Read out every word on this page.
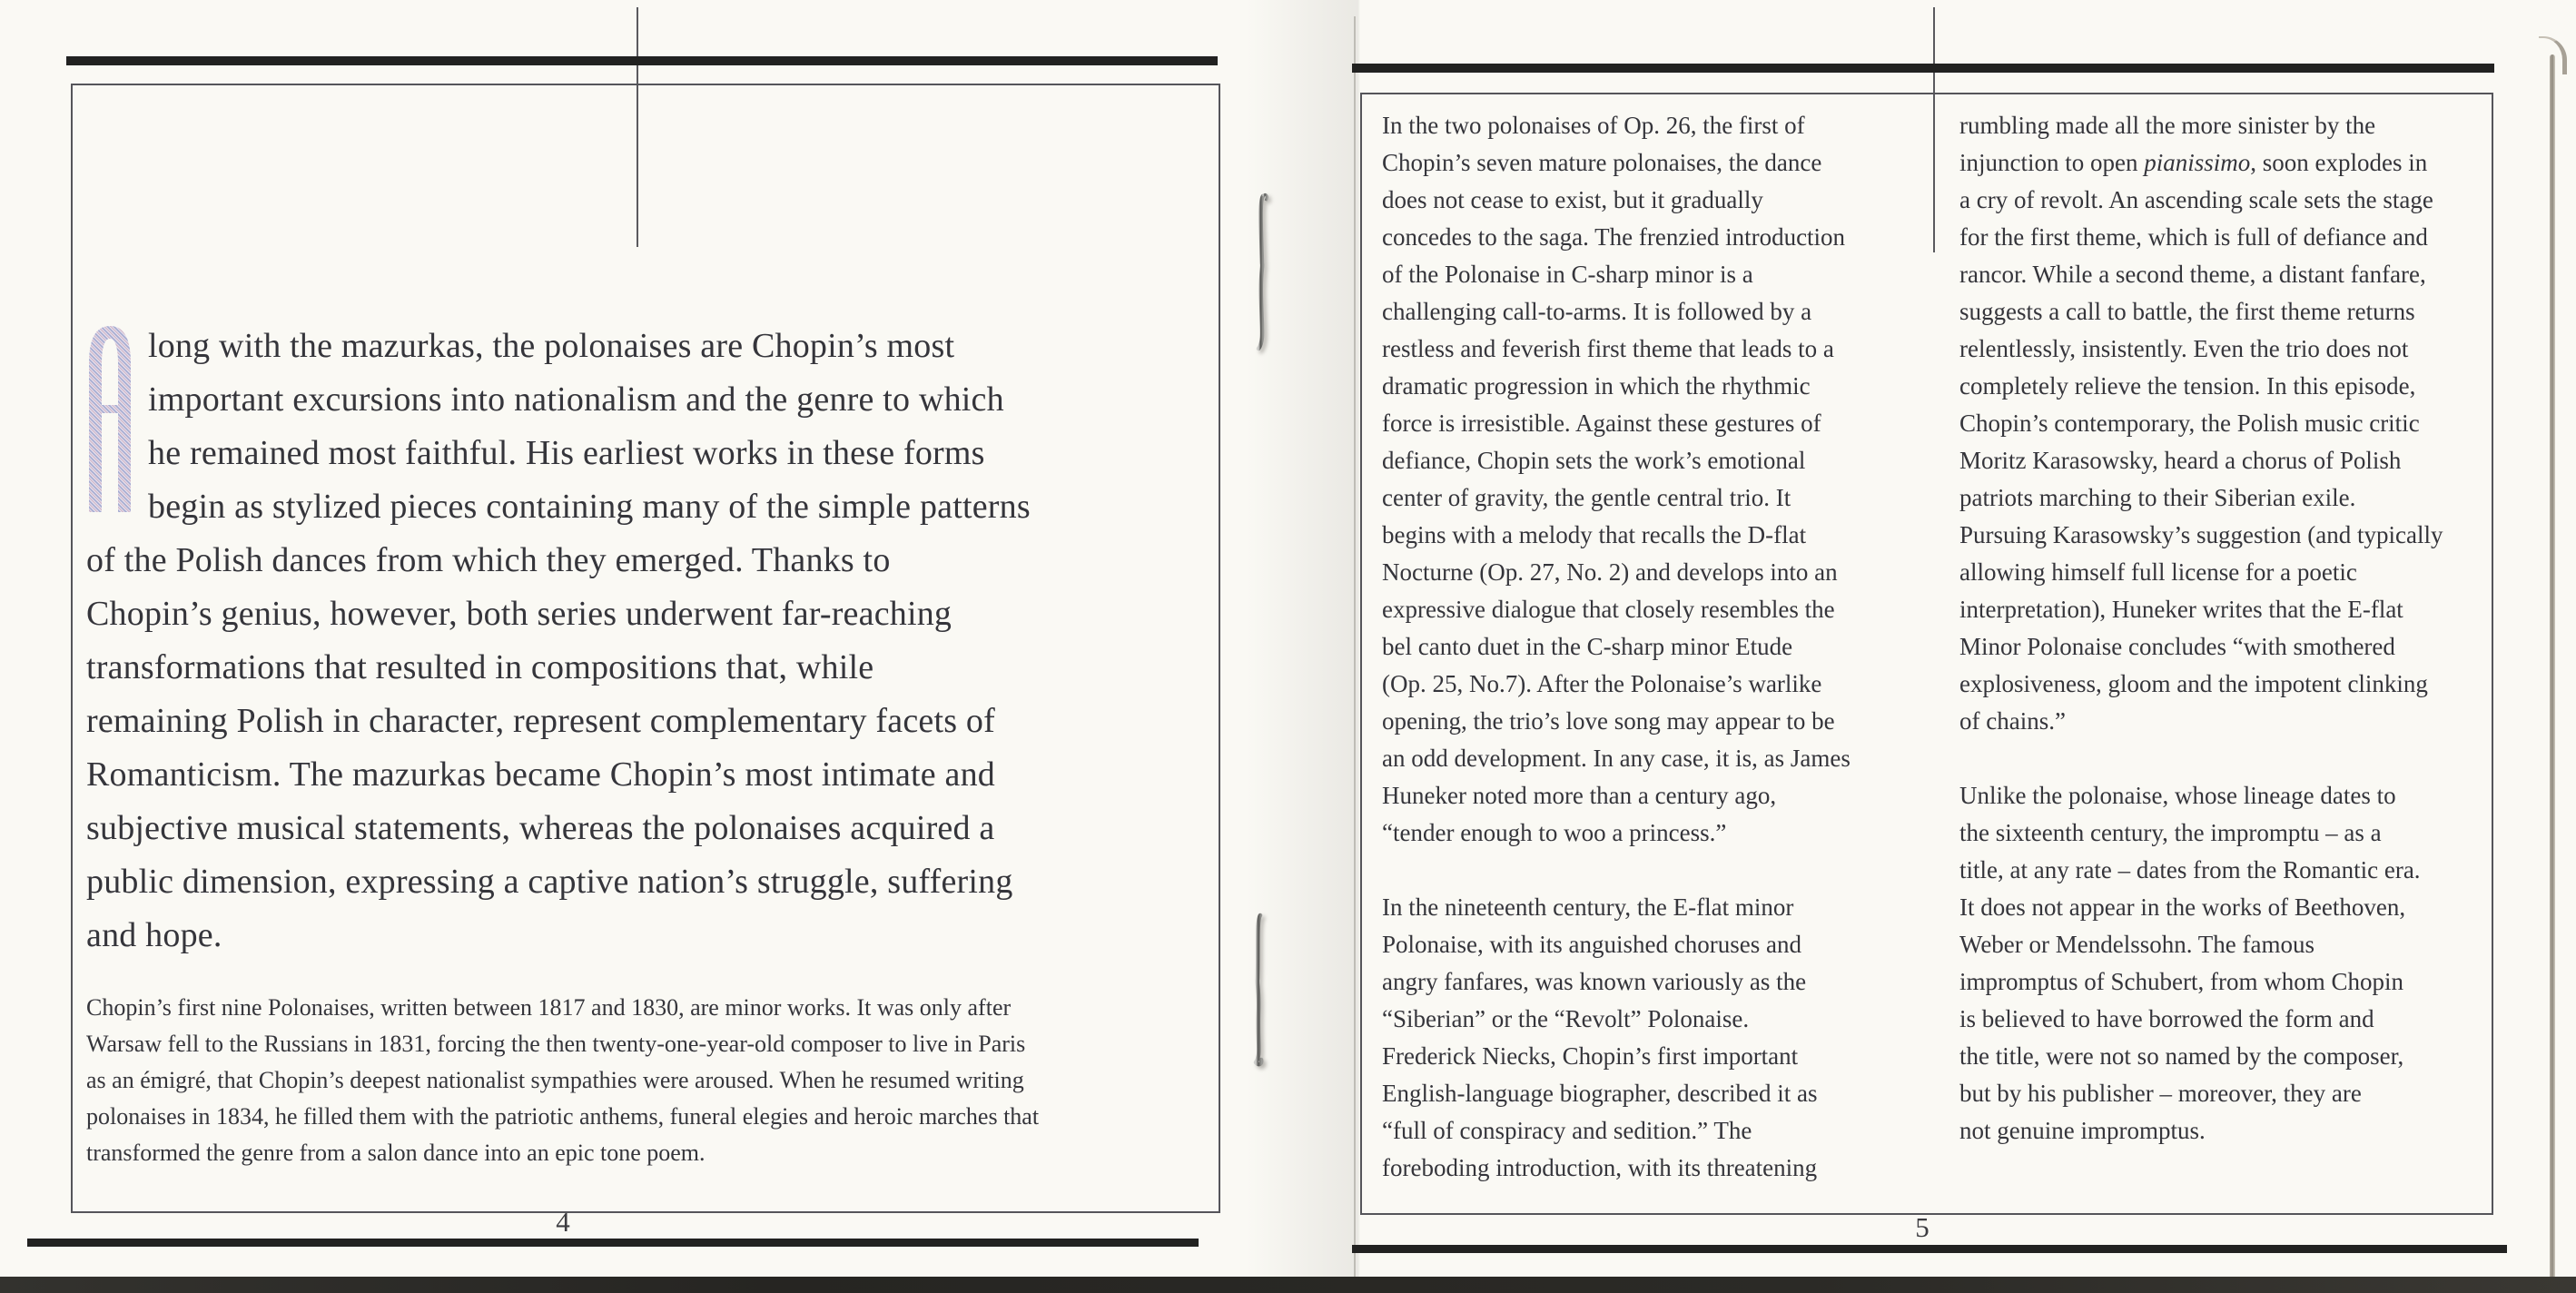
long with the mazurkas, the polonaises are Chopin’s most
important excursions into nationalism and the genre to which
he remained most faithful. His earliest works in these forms
begin as stylized pieces containing many of the simple patterns
of the Polish dances from which they emerged. Thanks to
Chopin’s genius, however, both series underwent far-reaching
transformations that resulted in compositions that, while
remaining Polish in character, represent complementary facets of
Romanticism. The mazurkas became Chopin’s most intimate and
subjective musical statements, whereas the polonaises acquired a
public dimension, expressing a captive nation’s struggle, suffering
and hope.
Chopin’s first nine Polonaises, written between 1817 and 1830, are minor works. It was only after
Warsaw fell to the Russians in 1831, forcing the then twenty-one-year-old composer to live in Paris
as an émigré, that Chopin’s deepest nationalist sympathies were aroused. When he resumed writing
polonaises in 1834, he filled them with the patriotic anthems, funeral elegies and heroic marches that
transformed the genre from a salon dance into an epic tone poem.
4
In the two polonaises of Op. 26, the first of
Chopin’s seven mature polonaises, the dance
does not cease to exist, but it gradually
concedes to the saga. The frenzied introduction
of the Polonaise in C-sharp minor is a
challenging call-to-arms. It is followed by a
restless and feverish first theme that leads to a
dramatic progression in which the rhythmic
force is irresistible. Against these gestures of
defiance, Chopin sets the work’s emotional
center of gravity, the gentle central trio. It
begins with a melody that recalls the D-flat
Nocturne (Op. 27, No. 2) and develops into an
expressive dialogue that closely resembles the
bel canto duet in the C-sharp minor Etude
(Op. 25, No.7). After the Polonaise’s warlike
opening, the trio’s love song may appear to be
an odd development. In any case, it is, as James
Huneker noted more than a century ago,
“tender enough to woo a princess.”
In the nineteenth century, the E-flat minor
Polonaise, with its anguished choruses and
angry fanfares, was known variously as the
“Siberian” or the “Revolt” Polonaise.
Frederick Niecks, Chopin’s first important
English-language biographer, described it as
“full of conspiracy and sedition.” The
foreboding introduction, with its threatening
rumbling made all the more sinister by the
injunction to open pianissimo, soon explodes in
a cry of revolt. An ascending scale sets the stage
for the first theme, which is full of defiance and
rancor. While a second theme, a distant fanfare,
suggests a call to battle, the first theme returns
relentlessly, insistently. Even the trio does not
completely relieve the tension. In this episode,
Chopin’s contemporary, the Polish music critic
Moritz Karasowsky, heard a chorus of Polish
patriots marching to their Siberian exile.
Pursuing Karasowsky’s suggestion (and typically
allowing himself full license for a poetic
interpretation), Huneker writes that the E-flat
Minor Polonaise concludes “with smothered
explosiveness, gloom and the impotent clinking
of chains.”
Unlike the polonaise, whose lineage dates to
the sixteenth century, the impromptu – as a
title, at any rate – dates from the Romantic era.
It does not appear in the works of Beethoven,
Weber or Mendelssohn. The famous
impromptus of Schubert, from whom Chopin
is believed to have borrowed the form and
the title, were not so named by the composer,
but by his publisher – moreover, they are
not genuine impromptus.
5
